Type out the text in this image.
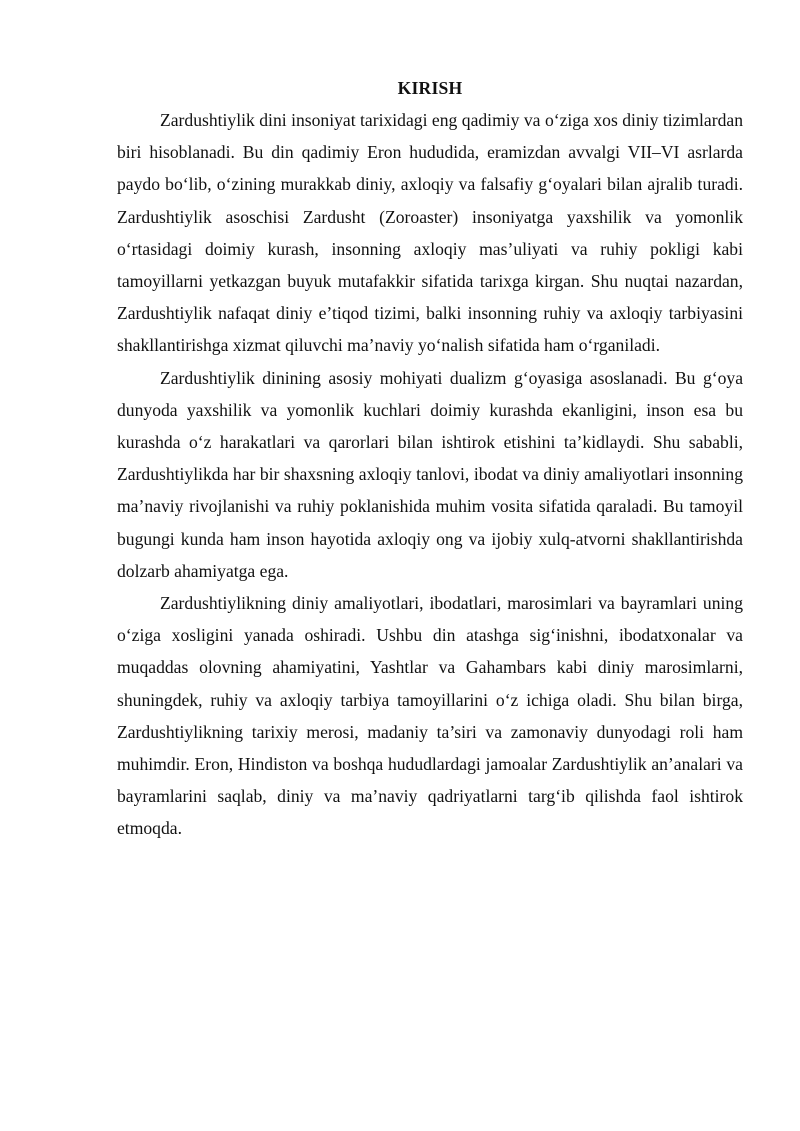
KIRISH

Zardushtiylik dini insoniyat tarixidagi eng qadimiy va o‘ziga xos diniy tizimlardan biri hisoblanadi. Bu din qadimiy Eron hududida, eramizdan avvalgi VII–VI asrlarda paydo bo‘lib, o‘zining murakkab diniy, axloqiy va falsafiy g‘oyalari bilan ajralib turadi. Zardushtiylik asoschisi Zardusht (Zoroaster) insoniyatga yaxshilik va yomonlik o‘rtasidagi doimiy kurash, insonning axloqiy mas’uliyati va ruhiy pokligi kabi tamoyillarni yetkazgan buyuk mutafakkir sifatida tarixga kirgan. Shu nuqtai nazardan, Zardushtiylik nafaqat diniy e’tiqod tizimi, balki insonning ruhiy va axloqiy tarbiyasini shakllantirishga xizmat qiluvchi ma’naviy yo‘nalish sifatida ham o‘rganiladi.

Zardushtiylik dinining asosiy mohiyati dualizm g‘oyasiga asoslanadi. Bu g‘oya dunyoda yaxshilik va yomonlik kuchlari doimiy kurashda ekanligini, inson esa bu kurashda o‘z harakatlari va qarorlari bilan ishtirok etishini ta’kidlaydi. Shu sababli, Zardushtiylikda har bir shaxsning axloqiy tanlovi, ibodat va diniy amaliyotlari insonning ma’naviy rivojlanishi va ruhiy poklanishida muhim vosita sifatida qaraladi. Bu tamoyil bugungi kunda ham inson hayotida axloqiy ong va ijobiy xulq-atvorni shakllantirishda dolzarb ahamiyatga ega.

Zardushtiylikning diniy amaliyotlari, ibodatlari, marosimlari va bayramlari uning o‘ziga xosligini yanada oshiradi. Ushbu din atashga sig‘inishni, ibodatxonalar va muqaddas olovning ahamiyatini, Yashtlar va Gahambars kabi diniy marosimlarni, shuningdek, ruhiy va axloqiy tarbiya tamoyillarini o‘z ichiga oladi. Shu bilan birga, Zardushtiylikning tarixiy merosi, madaniy ta’siri va zamonaviy dunyodagi roli ham muhimdir. Eron, Hindiston va boshqa hududlardagi jamoalar Zardushtiylik an’analari va bayramlarini saqlab, diniy va ma’naviy qadriyatlarni targ‘ib qilishda faol ishtirok etmoqda.
